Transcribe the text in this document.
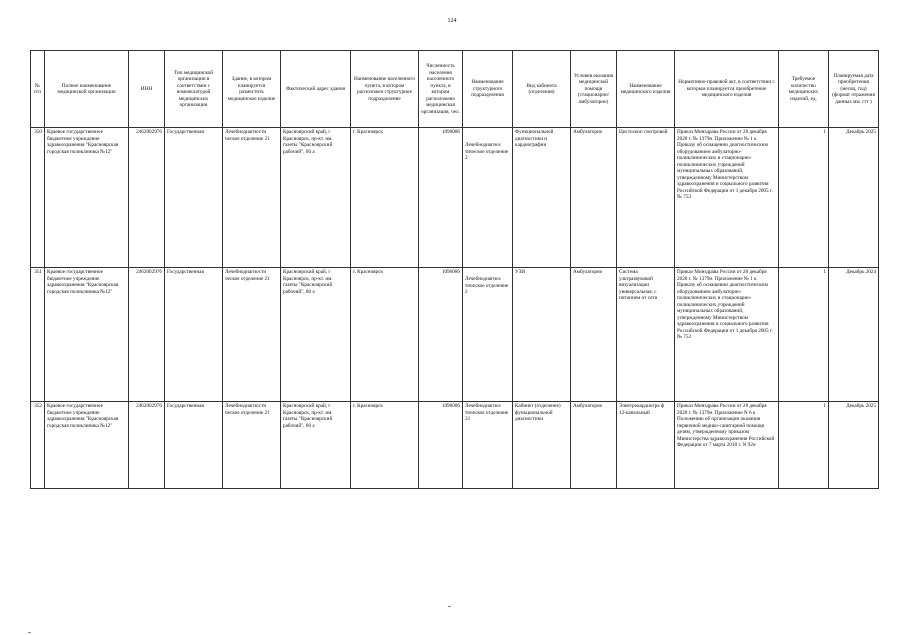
124
№ п/п	Полное наименование медицинской организации	ИНН	Тип медицинской организации в соответствии с номенклатурой медицинских организации	Здание, в котором планируется разместить медицинское изделие	Фактический адрес здания	Наименование населенного пункта, в котором расположен структурное подразделение	Численность населения населенного пункта, в котором расположена медицинская организация, чел.	Наименование структурного подразделения	Вид кабинета (отделения)	Условия оказания медицинской помощи (стационарно/ амбулаторно)	Наименование медицинского изделия	Нормативно-правовой акт, в соответствии с которым планируется приобретение медицинского изделия	Требуемое количество медицинских изделий, ед.	Планируемая дата приобретения (месяц, год) (формат отражения данных мм. ггг )
350	Краевое государственное бюджетное учреждение здравоохранения "Красноярская городская поликлиника №12"	2462002976	Государственная	Лечебнодиагности ческое отделение 21	Красноярский край, г Красноярск, пр-кт. им. газеты "Красноярский рабочий", 80 а	г. Красноярск	1096086	Лечебнодиагнос тическое отделение 2	Функциональной диагностики и кардиографии	Амбулаторно	Цистоскоп смотровой	Приказ Минздрава России от 28 декабря 2020 г. № 1379н. Приложение № 1 к Приказу об оснащении диагностическим оборудованием амбулаторно-поликлинических и стационарно-поликлинических учреждений муниципальных образований, утвержденному Министерством здравоохранения и социального развития Российской Федерации от 1 декабря 2005 г. № 753	1	Декабрь 2025
351	Краевое государственное бюджетное учреждение здравоохранения "Красноярская городская поликлиника №12"	2462002976	Государственная	Лечебнодиагности ческое отделение 21	Красноярский край, г Красноярск, пр-кт. им. газеты "Красноярский рабочий", 80 а	г. Красноярск	1096086	Лечебнодиагнос тическое отделение 2	УЗИ	Амбулаторно	Система ультразвуковой визуализации универсальная, с питанием от сети	Приказ Минздрава России от 28 декабря 2020 г. № 1379н. Приложение № 1 к Приказу об оснащении диагностическим оборудованием амбулаторно-поликлинических и стационарно-поликлинических учреждений муниципальных образований, утвержденному Министерством здравоохранения и социального развития Российской Федерации от 1 декабря 2005 г. № 753	1	Декабрь 2024
352	Краевое государственное бюджетное учреждение здравоохранения "Красноярская городская поликлиника №12"	2462002976	Государственная	Лечебнодиагности ческое отделение 21	Красноярский край, г Красноярск, пр-кт. им. газеты "Красноярский рабочий", 80 а	г. Красноярск	1096086	Лечебнодиагнос тическое отделение 21	Кабинет (отделение) функциональной диагностики	Амбулаторно	Электрокардиогра ф 12-канальный	Приказ Минздрава России от 28 декабря 2020 г. № 1379н. Приложение N 6 к Положению об организации оказания первичной медико-санитарной помощи детям, утвержденному приказом Министерства здравоохранения Российской Федерации от 7 марта 2018 г. N 92н	1	Декабрь 2025
